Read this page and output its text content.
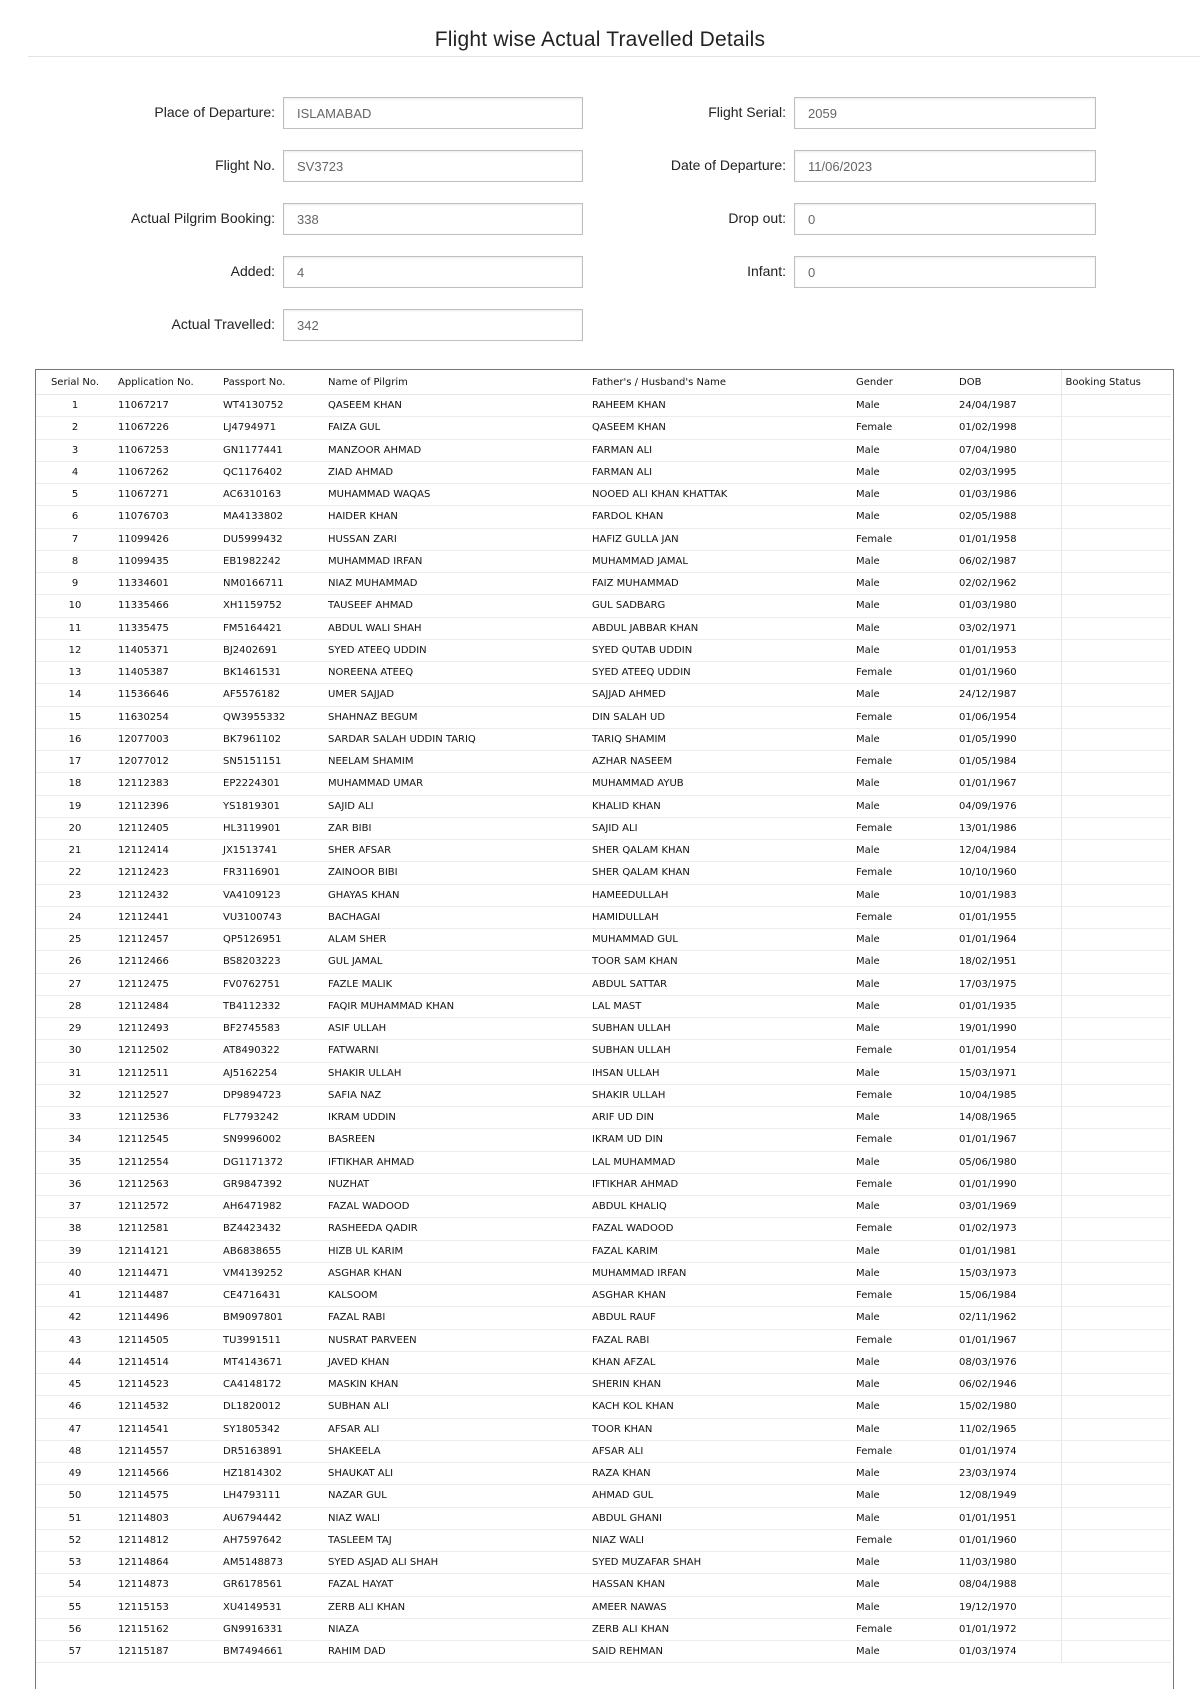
Flight wise Actual Travelled Details
Place of Departure:
ISLAMABAD
Flight No.
SV3723
Actual Pilgrim Booking:
338
Added:
4
Actual Travelled:
342
Flight Serial:
2059
Date of Departure:
11/06/2023
Drop out:
0
Infant:
0
Serial No.	Application No.	Passport No.	Name of Pilgrim	Father's / Husband's Name	Gender	DOB	Booking Status
1	11067217	WT4130752	QASEEM KHAN	RAHEEM KHAN	Male	24/04/1987	
2	11067226	LJ4794971	FAIZA GUL	QASEEM KHAN	Female	01/02/1998	
3	11067253	GN1177441	MANZOOR AHMAD	FARMAN ALI	Male	07/04/1980	
4	11067262	QC1176402	ZIAD AHMAD	FARMAN ALI	Male	02/03/1995	
5	11067271	AC6310163	MUHAMMAD WAQAS	NOOED ALI KHAN KHATTAK	Male	01/03/1986	
6	11076703	MA4133802	HAIDER KHAN	FARDOL KHAN	Male	02/05/1988	
7	11099426	DU5999432	HUSSAN ZARI	HAFIZ GULLA JAN	Female	01/01/1958	
8	11099435	EB1982242	MUHAMMAD IRFAN	MUHAMMAD JAMAL	Male	06/02/1987	
9	11334601	NM0166711	NIAZ MUHAMMAD	FAIZ MUHAMMAD	Male	02/02/1962	
10	11335466	XH1159752	TAUSEEF AHMAD	GUL SADBARG	Male	01/03/1980	
11	11335475	FM5164421	ABDUL WALI SHAH	ABDUL JABBAR KHAN	Male	03/02/1971	
12	11405371	BJ2402691	SYED ATEEQ UDDIN	SYED QUTAB UDDIN	Male	01/01/1953	
13	11405387	BK1461531	NOREENA ATEEQ	SYED ATEEQ UDDIN	Female	01/01/1960	
14	11536646	AF5576182	UMER SAJJAD	SAJJAD AHMED	Male	24/12/1987	
15	11630254	QW3955332	SHAHNAZ BEGUM	DIN SALAH UD	Female	01/06/1954	
16	12077003	BK7961102	SARDAR SALAH UDDIN TARIQ	TARIQ SHAMIM	Male	01/05/1990	
17	12077012	SN5151151	NEELAM SHAMIM	AZHAR NASEEM	Female	01/05/1984	
18	12112383	EP2224301	MUHAMMAD UMAR	MUHAMMAD AYUB	Male	01/01/1967	
19	12112396	YS1819301	SAJID ALI	KHALID KHAN	Male	04/09/1976	
20	12112405	HL3119901	ZAR BIBI	SAJID ALI	Female	13/01/1986	
21	12112414	JX1513741	SHER AFSAR	SHER QALAM KHAN	Male	12/04/1984	
22	12112423	FR3116901	ZAINOOR BIBI	SHER QALAM KHAN	Female	10/10/1960	
23	12112432	VA4109123	GHAYAS KHAN	HAMEEDULLAH	Male	10/01/1983	
24	12112441	VU3100743	BACHAGAI	HAMIDULLAH	Female	01/01/1955	
25	12112457	QP5126951	ALAM SHER	MUHAMMAD GUL	Male	01/01/1964	
26	12112466	BS8203223	GUL JAMAL	TOOR SAM KHAN	Male	18/02/1951	
27	12112475	FV0762751	FAZLE MALIK	ABDUL SATTAR	Male	17/03/1975	
28	12112484	TB4112332	FAQIR MUHAMMAD KHAN	LAL MAST	Male	01/01/1935	
29	12112493	BF2745583	ASIF ULLAH	SUBHAN ULLAH	Male	19/01/1990	
30	12112502	AT8490322	FATWARNI	SUBHAN ULLAH	Female	01/01/1954	
31	12112511	AJ5162254	SHAKIR ULLAH	IHSAN ULLAH	Male	15/03/1971	
32	12112527	DP9894723	SAFIA NAZ	SHAKIR ULLAH	Female	10/04/1985	
33	12112536	FL7793242	IKRAM UDDIN	ARIF UD DIN	Male	14/08/1965	
34	12112545	SN9996002	BASREEN	IKRAM UD DIN	Female	01/01/1967	
35	12112554	DG1171372	IFTIKHAR AHMAD	LAL MUHAMMAD	Male	05/06/1980	
36	12112563	GR9847392	NUZHAT	IFTIKHAR AHMAD	Female	01/01/1990	
37	12112572	AH6471982	FAZAL WADOOD	ABDUL KHALIQ	Male	03/01/1969	
38	12112581	BZ4423432	RASHEEDA QADIR	FAZAL WADOOD	Female	01/02/1973	
39	12114121	AB6838655	HIZB UL KARIM	FAZAL KARIM	Male	01/01/1981	
40	12114471	VM4139252	ASGHAR KHAN	MUHAMMAD IRFAN	Male	15/03/1973	
41	12114487	CE4716431	KALSOOM	ASGHAR KHAN	Female	15/06/1984	
42	12114496	BM9097801	FAZAL RABI	ABDUL RAUF	Male	02/11/1962	
43	12114505	TU3991511	NUSRAT PARVEEN	FAZAL RABI	Female	01/01/1967	
44	12114514	MT4143671	JAVED KHAN	KHAN AFZAL	Male	08/03/1976	
45	12114523	CA4148172	MASKIN KHAN	SHERIN KHAN	Male	06/02/1946	
46	12114532	DL1820012	SUBHAN ALI	KACH KOL KHAN	Male	15/02/1980	
47	12114541	SY1805342	AFSAR ALI	TOOR KHAN	Male	11/02/1965	
48	12114557	DR5163891	SHAKEELA	AFSAR ALI	Female	01/01/1974	
49	12114566	HZ1814302	SHAUKAT ALI	RAZA KHAN	Male	23/03/1974	
50	12114575	LH4793111	NAZAR GUL	AHMAD GUL	Male	12/08/1949	
51	12114803	AU6794442	NIAZ WALI	ABDUL GHANI	Male	01/01/1951	
52	12114812	AH7597642	TASLEEM TAJ	NIAZ WALI	Female	01/01/1960	
53	12114864	AM5148873	SYED ASJAD ALI SHAH	SYED MUZAFAR SHAH	Male	11/03/1980	
54	12114873	GR6178561	FAZAL HAYAT	HASSAN KHAN	Male	08/04/1988	
55	12115153	XU4149531	ZERB ALI KHAN	AMEER NAWAS	Male	19/12/1970	
56	12115162	GN9916331	NIAZA	ZERB ALI KHAN	Female	01/01/1972	
57	12115187	BM7494661	RAHIM DAD	SAID REHMAN	Male	01/03/1974	
